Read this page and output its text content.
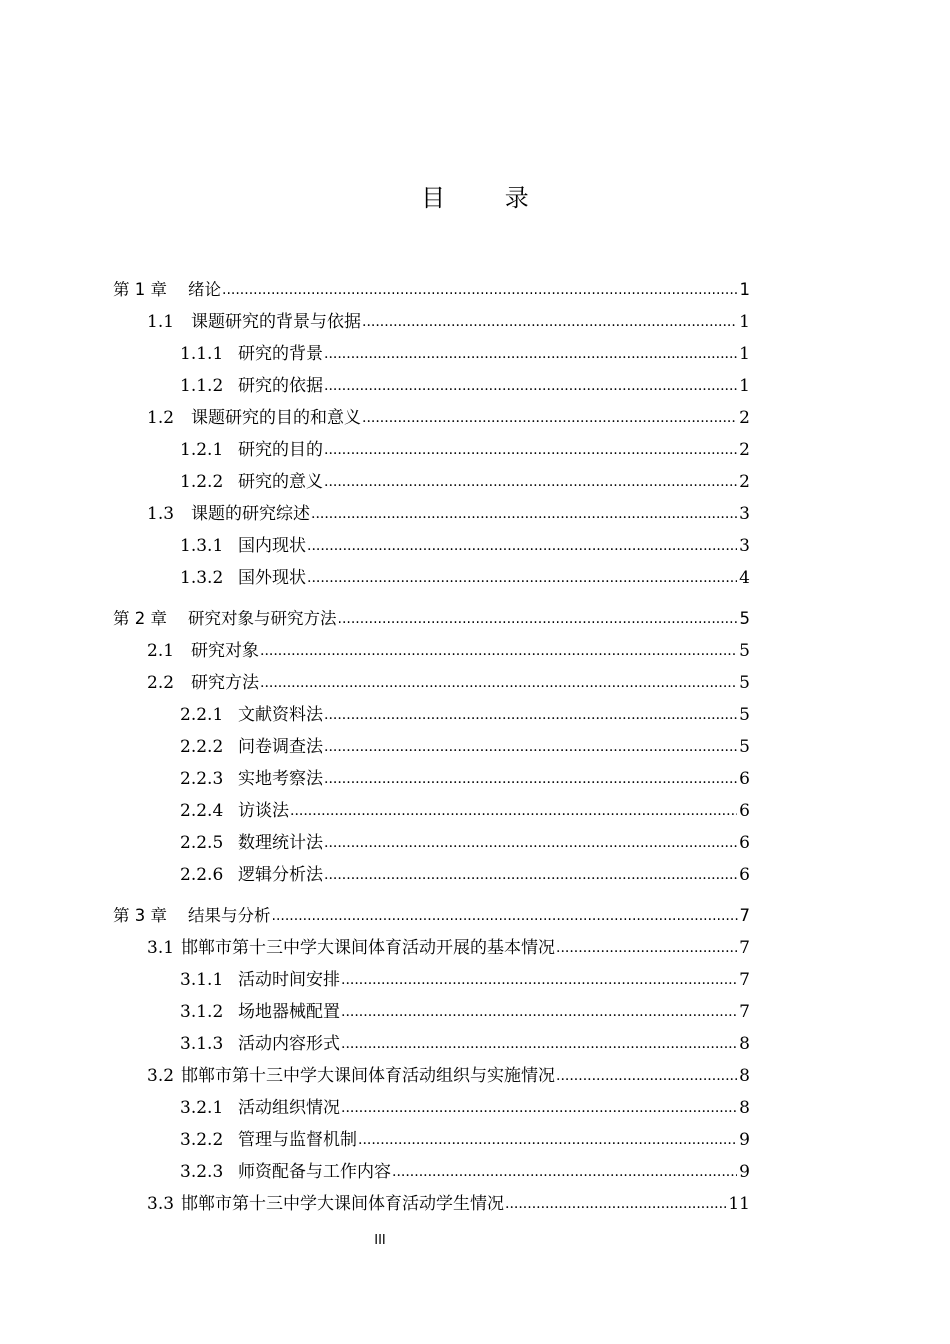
目 录
第 1 章	绪论 .....	1
1.1 课题研究的背景与依据 .....	1
1.1.1 研究的背景 .....	1
1.1.2 研究的依据 .....	1
1.2 课题研究的目的和意义 .....	2
1.2.1 研究的目的 .....	2
1.2.2 研究的意义 .....	2
1.3 课题的研究综述 .....	3
1.3.1 国内现状 .....	3
1.3.2 国外现状 .....	4
第 2 章	研究对象与研究方法 .....	5
2.1 研究对象 .....	5
2.2 研究方法 .....	5
2.2.1 文献资料法 .....	5
2.2.2 问卷调查法 .....	5
2.2.3 实地考察法 .....	6
2.2.4 访谈法 .....	6
2.2.5 数理统计法 .....	6
2.2.6 逻辑分析法 .....	6
第 3 章	结果与分析 .....	7
3.1 邯郸市第十三中学大课间体育活动开展的基本情况 .....	7
3.1.1 活动时间安排 .....	7
3.1.2 场地器械配置 .....	7
3.1.3 活动内容形式 .....	8
3.2 邯郸市第十三中学大课间体育活动组织与实施情况 .....	8
3.2.1 活动组织情况 .....	8
3.2.2 管理与监督机制 .....	9
3.2.3 师资配备与工作内容 .....	9
3.3 邯郸市第十三中学大课间体育活动学生情况 .....	11
III
